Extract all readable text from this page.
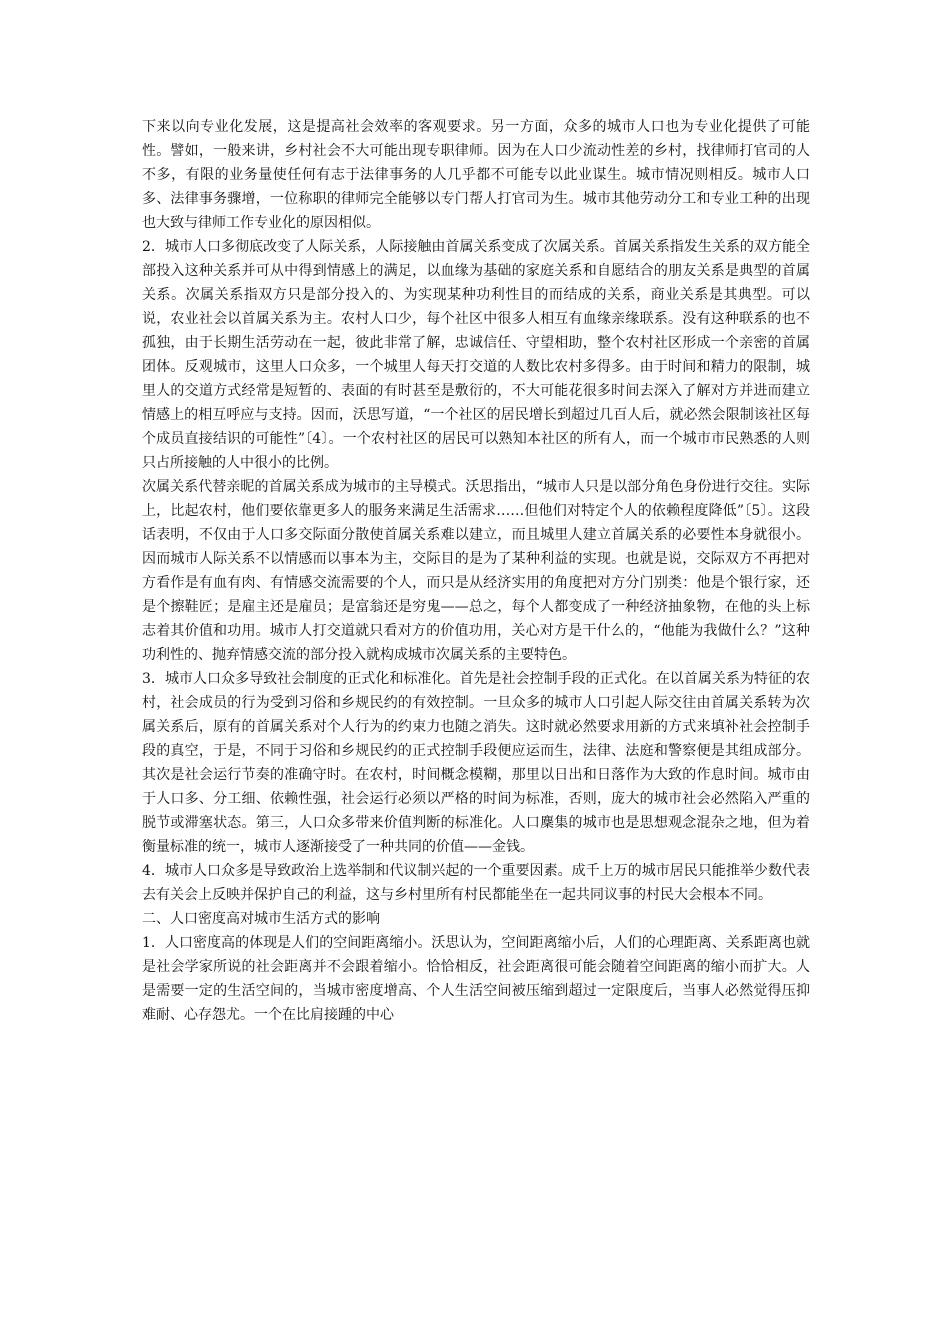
下来以向专业化发展，这是提高社会效率的客观要求。另一方面，众多的城市人口也为专业化提供了可能性。譬如，一般来讲，乡村社会不大可能出现专职律师。因为在人口少流动性差的乡村，找律师打官司的人不多，有限的业务量使任何有志于法律事务的人几乎都不可能专以此业谋生。城市情况则相反。城市人口多、法律事务骤增，一位称职的律师完全能够以专门帮人打官司为生。城市其他劳动分工和专业工种的出现也大致与律师工作专业化的原因相似。

2．城市人口多彻底改变了人际关系，人际接触由首属关系变成了次属关系。首属关系指发生关系的双方能全部投入这种关系并可从中得到情感上的满足，以血缘为基础的家庭关系和自愿结合的朋友关系是典型的首属关系。次属关系指双方只是部分投入的、为实现某种功利性目的而结成的关系，商业关系是其典型。可以说，农业社会以首属关系为主。农村人口少，每个社区中很多人相互有血缘亲缘联系。没有这种联系的也不孤独，由于长期生活劳动在一起，彼此非常了解，忠诚信任、守望相助，整个农村社区形成一个亲密的首属团体。反观城市，这里人口众多，一个城里人每天打交道的人数比农村多得多。由于时间和精力的限制，城里人的交道方式经常是短暂的、表面的有时甚至是敷衍的，不大可能花很多时间去深入了解对方并进而建立情感上的相互呼应与支持。因而，沃思写道，“一个社区的居民增长到超过几百人后，就必然会限制该社区每个成员直接结识的可能性”〔4〕。一个农村社区的居民可以熟知本社区的所有人，而一个城市市民熟悉的人则只占所接触的人中很小的比例。

次属关系代替亲昵的首属关系成为城市的主导模式。沃思指出，“城市人只是以部分角色身份进行交往。实际上，比起农村，他们要依靠更多人的服务来满足生活需求……但他们对特定个人的依赖程度降低”〔5〕。这段话表明，不仅由于人口多交际面分散使首属关系难以建立，而且城里人建立首属关系的必要性本身就很小。因而城市人际关系不以情感而以事本为主，交际目的是为了某种利益的实现。也就是说，交际双方不再把对方看作是有血有肉、有情感交流需要的个人，而只是从经济实用的角度把对方分门别类：他是个银行家，还是个擦鞋匠；是雇主还是雇员；是富翁还是穷鬼——总之，每个人都变成了一种经济抽象物，在他的头上标志着其价值和功用。城市人打交道就只看对方的价值功用，关心对方是干什么的，“他能为我做什么？”这种功利性的、抛弃情感交流的部分投入就构成城市次属关系的主要特色。

3．城市人口众多导致社会制度的正式化和标准化。首先是社会控制手段的正式化。在以首属关系为特征的农村，社会成员的行为受到习俗和乡规民约的有效控制。一旦众多的城市人口引起人际交往由首属关系转为次属关系后，原有的首属关系对个人行为的约束力也随之消失。这时就必然要求用新的方式来填补社会控制手段的真空，于是，不同于习俗和乡规民约的正式控制手段便应运而生，法律、法庭和警察便是其组成部分。其次是社会运行节奏的准确守时。在农村，时间概念模糊，那里以日出和日落作为大致的作息时间。城市由于人口多、分工细、依赖性强，社会运行必须以严格的时间为标准，否则，庞大的城市社会必然陷入严重的脱节或滞塞状态。第三，人口众多带来价值判断的标准化。人口麇集的城市也是思想观念混杂之地，但为着衡量标准的统一，城市人逐渐接受了一种共同的价值——金钱。

4．城市人口众多是导致政治上选举制和代议制兴起的一个重要因素。成千上万的城市居民只能推举少数代表去有关会上反映并保护自己的利益，这与乡村里所有村民都能坐在一起共同议事的村民大会根本不同。

二、人口密度高对城市生活方式的影响

1．人口密度高的体现是人们的空间距离缩小。沃思认为，空间距离缩小后，人们的心理距离、关系距离也就是社会学家所说的社会距离并不会跟着缩小。恰恰相反，社会距离很可能会随着空间距离的缩小而扩大。人是需要一定的生活空间的，当城市密度增高、个人生活空间被压缩到超过一定限度后，当事人必然觉得压抑难耐、心存怨尤。一个在比肩接踵的中心
